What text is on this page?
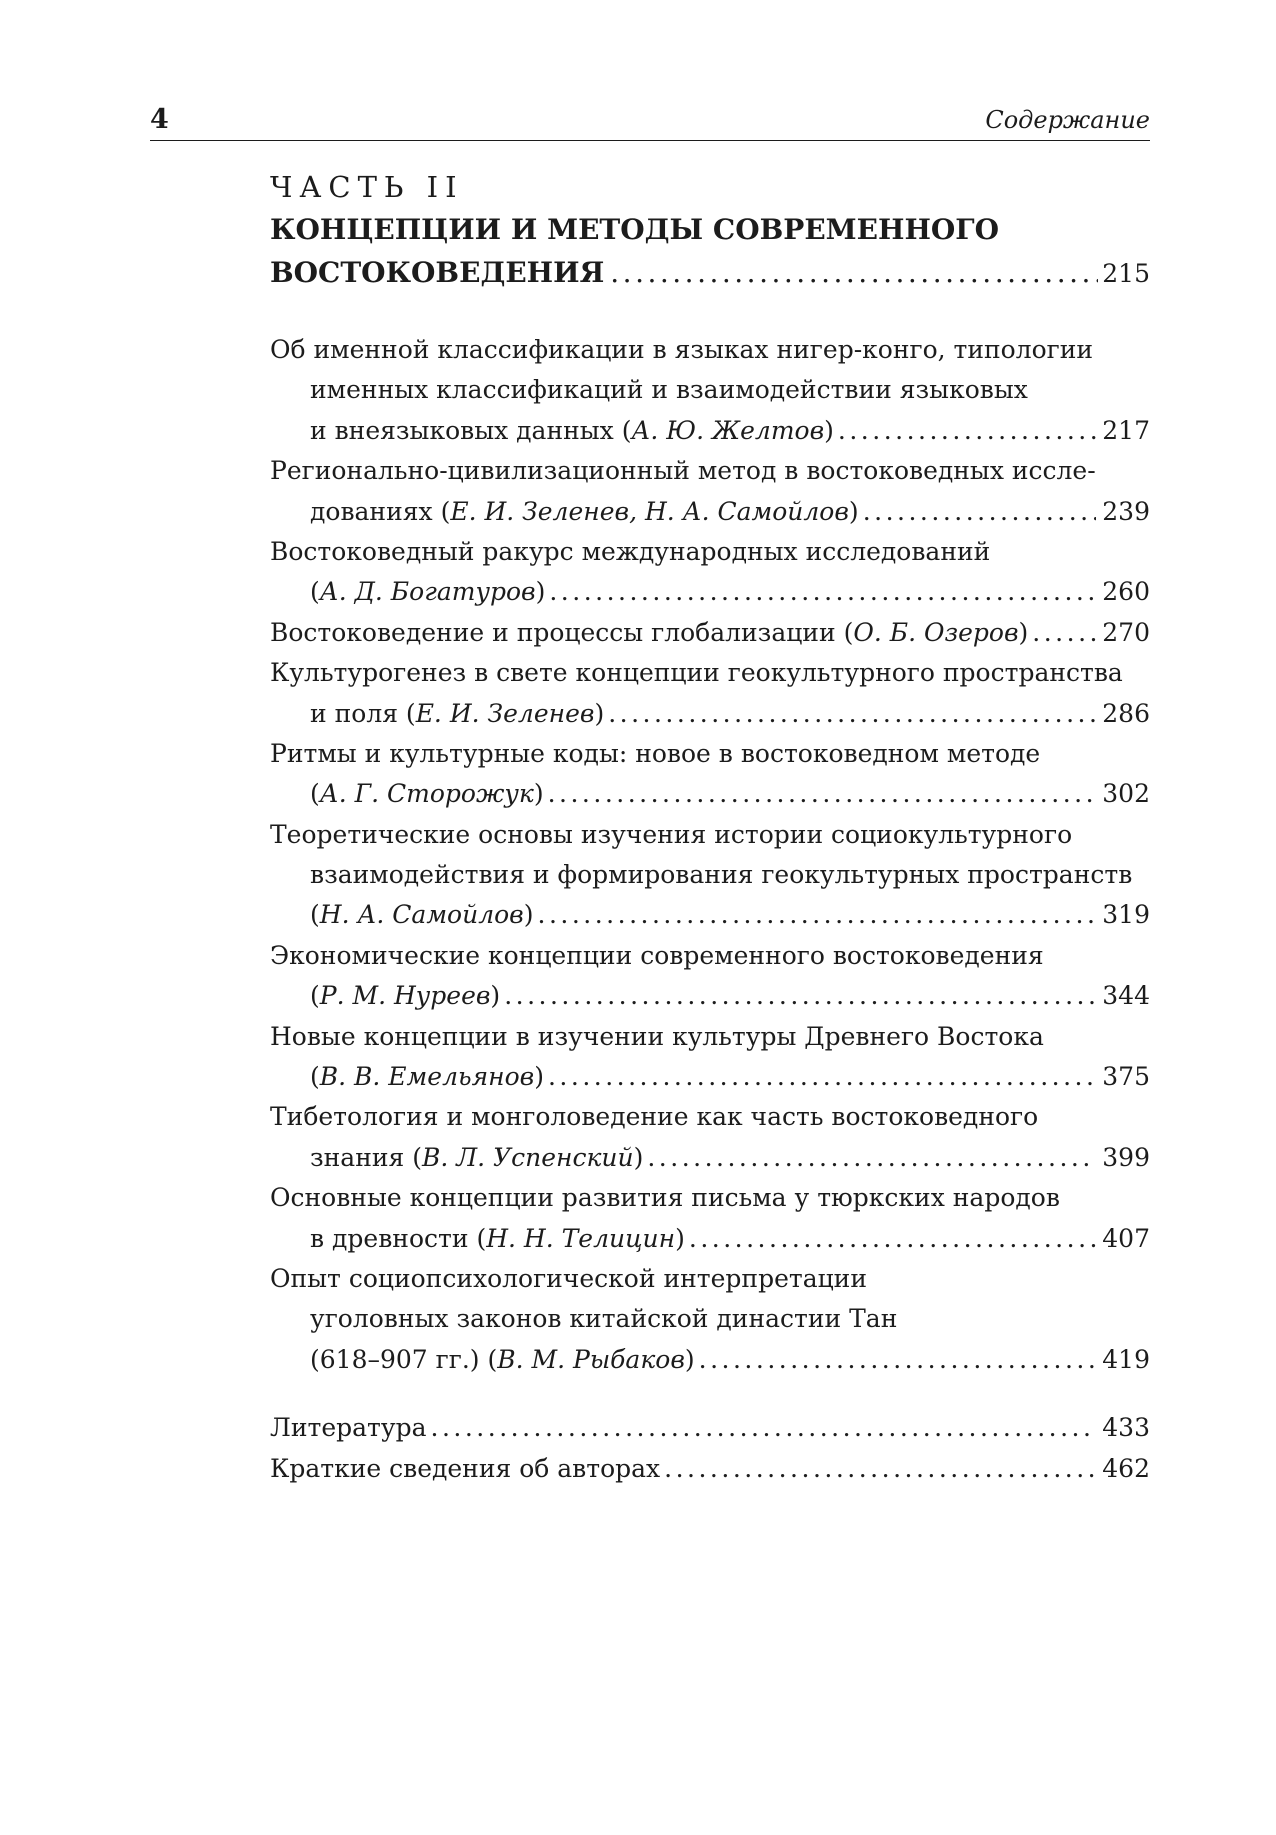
4	Содержание
ЧАСТЬ II
КОНЦЕПЦИИ И МЕТОДЫ СОВРЕМЕННОГО
ВОСТОКОВЕДЕНИЯ .....	215
Об именной классификации в языках нигер-конго, типологии
именных классификаций и взаимодействии языковых
и внеязыковых данных (А. Ю. Желтов) .....	217
Регионально-цивилизационный метод в востоковедных иссле-
дованиях (Е. И. Зеленев, Н. А. Самойлов) .....	239
Востоковедный ракурс международных исследований
(А. Д. Богатуров) .....	260
Востоковедение и процессы глобализации (О. Б. Озеров) .....	270
Культурогенез в свете концепции геокультурного пространства
и поля (Е. И. Зеленев) .....	286
Ритмы и культурные коды: новое в востоковедном методе
(А. Г. Сторожук) .....	302
Теоретические основы изучения истории социокультурного
взаимодействия и формирования геокультурных пространств
(Н. А. Самойлов) .....	319
Экономические концепции современного востоковедения
(Р. М. Нуреев) .....	344
Новые концепции в изучении культуры Древнего Востока
(В. В. Емельянов) .....	375
Тибетология и монголоведение как часть востоковедного
знания (В. Л. Успенский) .....	399
Основные концепции развития письма у тюркских народов
в древности (Н. Н. Телицин) .....	407
Опыт социопсихологической интерпретации
уголовных законов китайской династии Тан
(618–907 гг.) (В. М. Рыбаков) .....	419
Литература .....	433
Краткие сведения об авторах .....	462
